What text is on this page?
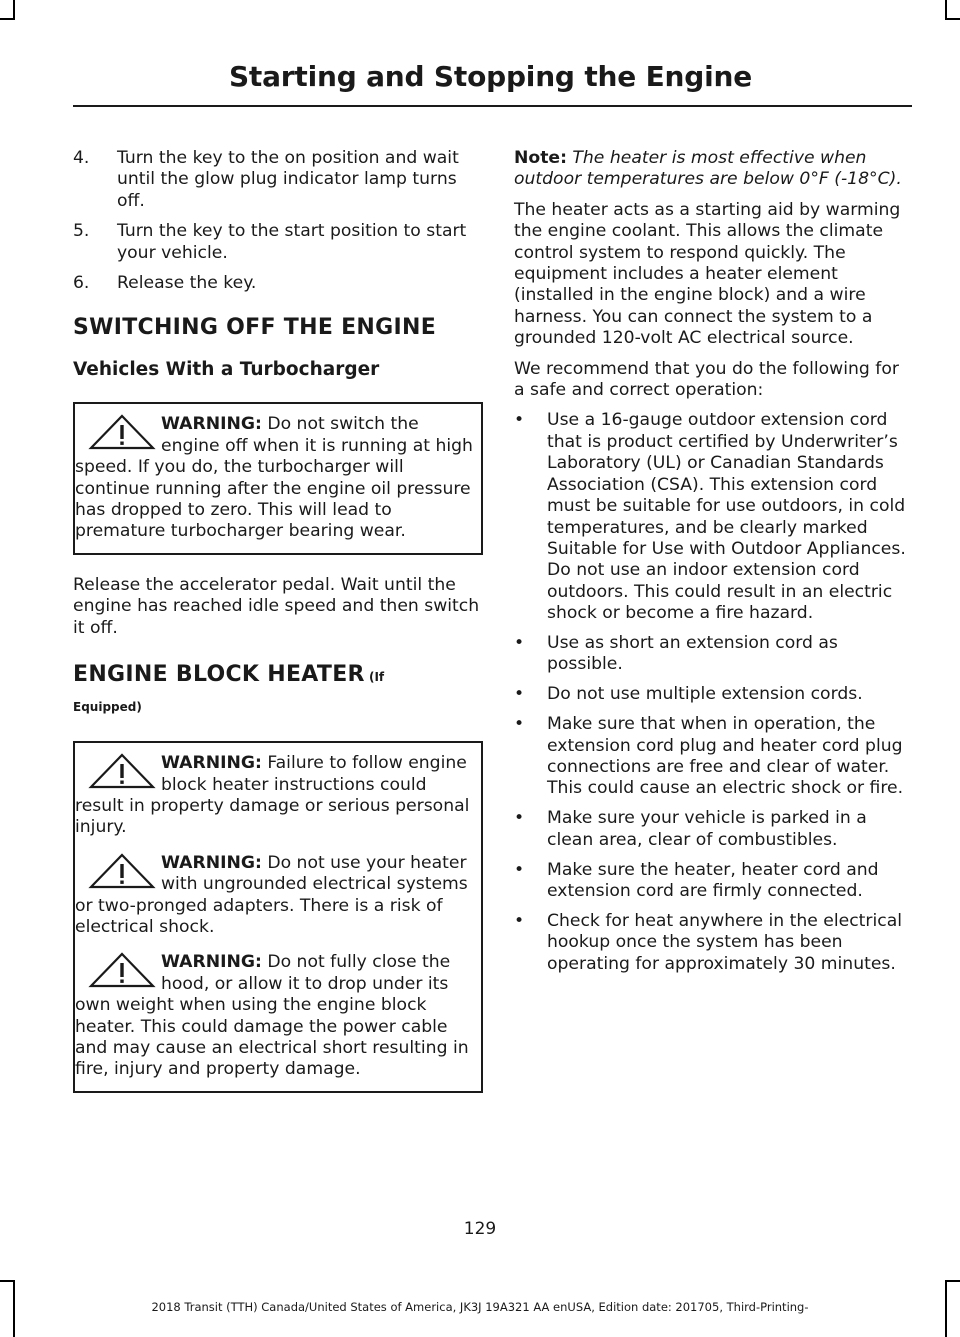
Starting and Stopping the Engine
4.	Turn the key to the on position and wait until the glow plug indicator lamp turns off.
5.	Turn the key to the start position to start your vehicle.
6.	Release the key.
SWITCHING OFF THE ENGINE
Vehicles With a Turbocharger
WARNING: Do not switch the engine off when it is running at high speed. If you do, the turbocharger will continue running after the engine oil pressure has dropped to zero. This will lead to premature turbocharger bearing wear.

Release the accelerator pedal. Wait until the engine has reached idle speed and then switch it off.

ENGINE BLOCK HEATER (If
Equipped)
WARNING: Failure to follow engine block heater instructions could result in property damage or serious personal injury.
WARNING: Do not use your heater with ungrounded electrical systems or two-pronged adapters. There is a risk of electrical shock.
WARNING: Do not fully close the hood, or allow it to drop under its own weight when using the engine block heater. This could damage the power cable and may cause an electrical short resulting in fire, injury and property damage.

Note: The heater is most effective when outdoor temperatures are below 0°F (-18°C).

The heater acts as a starting aid by warming the engine coolant. This allows the climate control system to respond quickly. The equipment includes a heater element (installed in the engine block) and a wire harness. You can connect the system to a grounded 120-volt AC electrical source.

We recommend that you do the following for a safe and correct operation:

•	Use a 16-gauge outdoor extension cord that is product certified by Underwriter’s Laboratory (UL) or Canadian Standards Association (CSA). This extension cord must be suitable for use outdoors, in cold temperatures, and be clearly marked Suitable for Use with Outdoor Appliances. Do not use an indoor extension cord outdoors. This could result in an electric shock or become a fire hazard.
•	Use as short an extension cord as possible.
•	Do not use multiple extension cords.
•	Make sure that when in operation, the extension cord plug and heater cord plug connections are free and clear of water. This could cause an electric shock or fire.
•	Make sure your vehicle is parked in a clean area, clear of combustibles.
•	Make sure the heater, heater cord and extension cord are firmly connected.
•	Check for heat anywhere in the electrical hookup once the system has been operating for approximately 30 minutes.
129
2018 Transit (TTH) Canada/United States of America, JK3J 19A321 AA enUSA, Edition date: 201705, Third-Printing-
